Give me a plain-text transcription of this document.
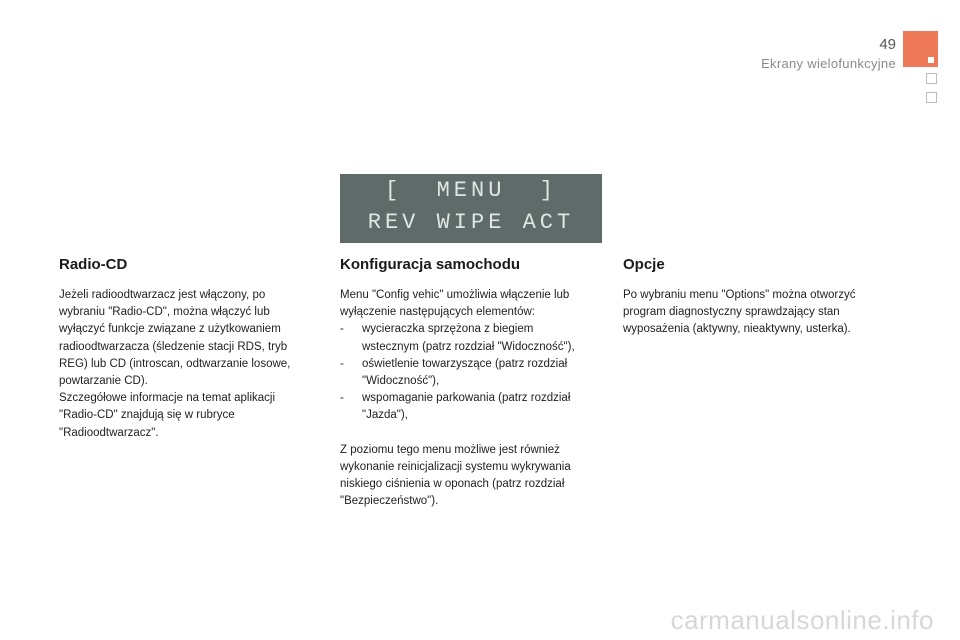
49
Ekrany wielofunkcyjne
[  MENU  ]
REV WIPE ACT
Radio-CD

Jeżeli radioodtwarzacz jest włączony, po wybraniu "Radio-CD", można włączyć lub wyłączyć funkcje związane z użytkowaniem radioodtwarzacza (śledzenie stacji RDS, tryb REG) lub CD (introscan, odtwarzanie losowe, powtarzanie CD).

Szczegółowe informacje na temat aplikacji "Radio-CD" znajdują się w rubryce "Radioodtwarzacz".

Konfiguracja samochodu

Menu "Config vehic" umożliwia włączenie lub wyłączenie następujących elementów:

- wycieraczka sprzężona z biegiem wstecznym (patrz rozdział "Widoczność"),
- oświetlenie towarzyszące (patrz rozdział "Widoczność"),
- wspomaganie parkowania (patrz rozdział "Jazda"),

Z poziomu tego menu możliwe jest również wykonanie reinicjalizacji systemu wykrywania niskiego ciśnienia w oponach (patrz rozdział "Bezpieczeństwo").

Opcje

Po wybraniu menu "Options" można otworzyć program diagnostyczny sprawdzający stan wyposażenia (aktywny, nieaktywny, usterka).

carmanualsonline.info
